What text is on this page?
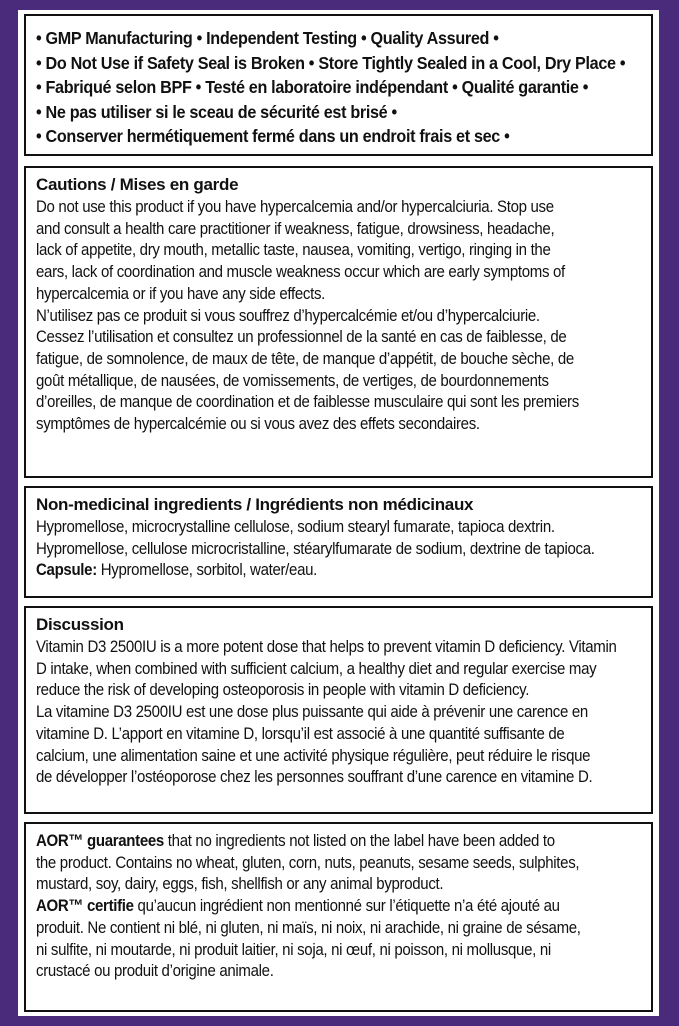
• GMP Manufacturing • Independent Testing • Quality Assured •
• Do Not Use if Safety Seal is Broken • Store Tightly Sealed in a Cool, Dry Place •
• Fabriqué selon BPF • Testé en laboratoire indépendant • Qualité garantie •
• Ne pas utiliser si le sceau de sécurité est brisé •
• Conserver hermétiquement fermé dans un endroit frais et sec •
Cautions / Mises en garde
Do not use this product if you have hypercalcemia and/or hypercalciuria. Stop use
and consult a health care practitioner if weakness, fatigue, drowsiness, headache,
lack of appetite, dry mouth, metallic taste, nausea, vomiting, vertigo, ringing in the
ears, lack of coordination and muscle weakness occur which are early symptoms of
hypercalcemia or if you have any side effects.
N’utilisez pas ce produit si vous souffrez d’hypercalcémie et/ou d’hypercalciurie.
Cessez l’utilisation et consultez un professionnel de la santé en cas de faiblesse, de
fatigue, de somnolence, de maux de tête, de manque d’appétit, de bouche sèche, de
goût métallique, de nausées, de vomissements, de vertiges, de bourdonnements
d’oreilles, de manque de coordination et de faiblesse musculaire qui sont les premiers
symptômes de hypercalcémie ou si vous avez des effets secondaires.
Non-medicinal ingredients / Ingrédients non médicinaux
Hypromellose, microcrystalline cellulose, sodium stearyl fumarate, tapioca dextrin.
Hypromellose, cellulose microcristalline, stéarylfumarate de sodium, dextrine de tapioca.
Capsule: Hypromellose, sorbitol, water/eau.
Discussion
Vitamin D3 2500IU is a more potent dose that helps to prevent vitamin D deficiency. Vitamin
D intake, when combined with sufficient calcium, a healthy diet and regular exercise may
reduce the risk of developing osteoporosis in people with vitamin D deficiency.
La vitamine D3 2500IU est une dose plus puissante qui aide à prévenir une carence en
vitamine D. L’apport en vitamine D, lorsqu’il est associé à une quantité suffisante de
calcium, une alimentation saine et une activité physique régulière, peut réduire le risque
de développer l’ostéoporose chez les personnes souffrant d’une carence en vitamine D.
AOR™ guarantees that no ingredients not listed on the label have been added to
the product. Contains no wheat, gluten, corn, nuts, peanuts, sesame seeds, sulphites,
mustard, soy, dairy, eggs, fish, shellfish or any animal byproduct.
AOR™ certifie qu’aucun ingrédient non mentionné sur l’étiquette n’a été ajouté au
produit. Ne contient ni blé, ni gluten, ni maïs, ni noix, ni arachide, ni graine de sésame,
ni sulfite, ni moutarde, ni produit laitier, ni soja, ni œuf, ni poisson, ni mollusque, ni
crustacé ou produit d’origine animale.
